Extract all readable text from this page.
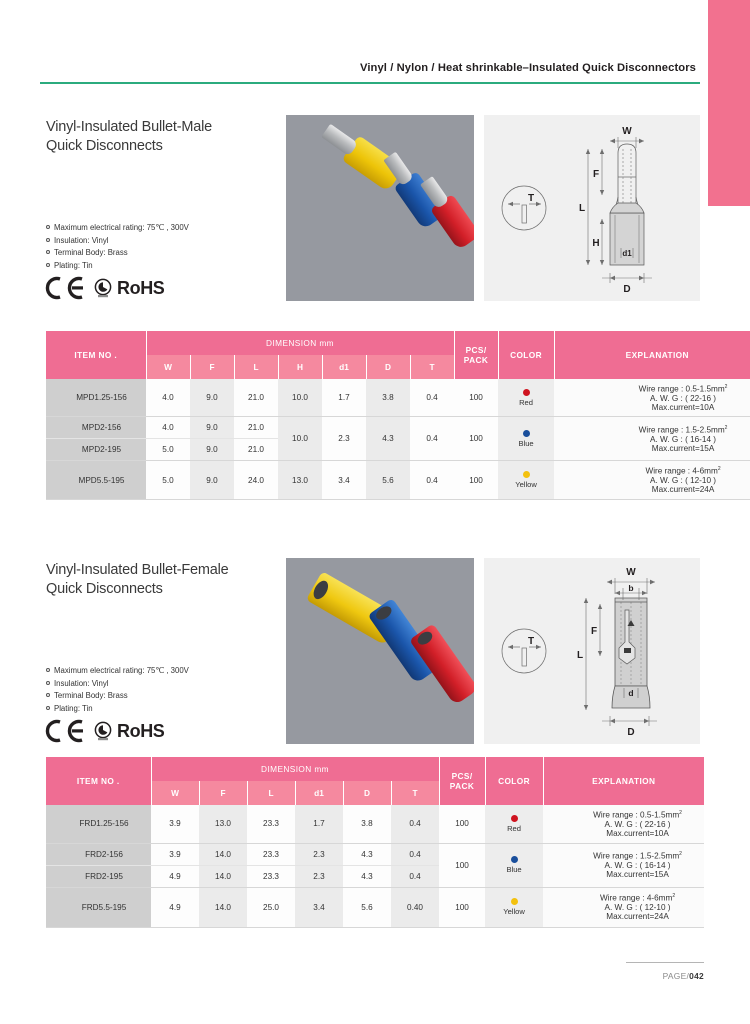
Vinyl / Nylon / Heat shrinkable–Insulated Quick Disconnectors
Vinyl-Insulated Bullet-Male
Quick Disconnects
Maximum electrical rating: 75℃ , 300V
Insulation: Vinyl
Terminal Body: Brass
Plating: Tin
RoHS
W
F
L
H
d1
D
T
ITEM NO .	DIMENSION mm							PCS/
PACK	COLOR	EXPLANATION
	W	F	L	H	d1	D	T			
MPD1.25-156	4.0	9.0	21.0	10.0	1.7	3.8	0.4	100	Red	Wire range : $0.5-1.5mm^2$
A. W. G : ( 22-16 )
Max.current=10A

MPD2-156	4.0	9.0	21.0	10.0	2.3	4.3	0.4	100	Blue	Wire range : $1.5-2.5mm^2$
A. W. G : ( 16-14 )
Max.current=15A

MPD2-195	5.0	9.0	21.0							
MPD5.5-195	5.0	9.0	24.0	13.0	3.4	5.6	0.4	100	Yellow	Wire range : $4-6mm^2$
A. W. G : ( 12-10 )
Max.current=24A
Vinyl-Insulated Bullet-Female
Quick Disconnects
Maximum electrical rating: 75℃ , 300V
Insulation: Vinyl
Terminal Body: Brass
Plating: Tin
RoHS
W
b
F
L
d
D
T
ITEM NO .	DIMENSION mm						PCS/
PACK	COLOR	EXPLANATION
	W	F	L	d1	D	T			
FRD1.25-156	3.9	13.0	23.3	1.7	3.8	0.4	100	Red	Wire range : $0.5-1.5mm^2$
A. W. G : ( 22-16 )
Max.current=10A

FRD2-156	3.9	14.0	23.3	2.3	4.3	0.4	100	Blue	Wire range : $1.5-2.5mm^2$
A. W. G : ( 16-14 )
Max.current=15A

FRD2-195	4.9	14.0	23.3	2.3	4.3	0.4			
FRD5.5-195	4.9	14.0	25.0	3.4	5.6	0.40	100	Yellow	Wire range : $4-6mm^2$
A. W. G : ( 12-10 )
Max.current=24A
PAGE/042
